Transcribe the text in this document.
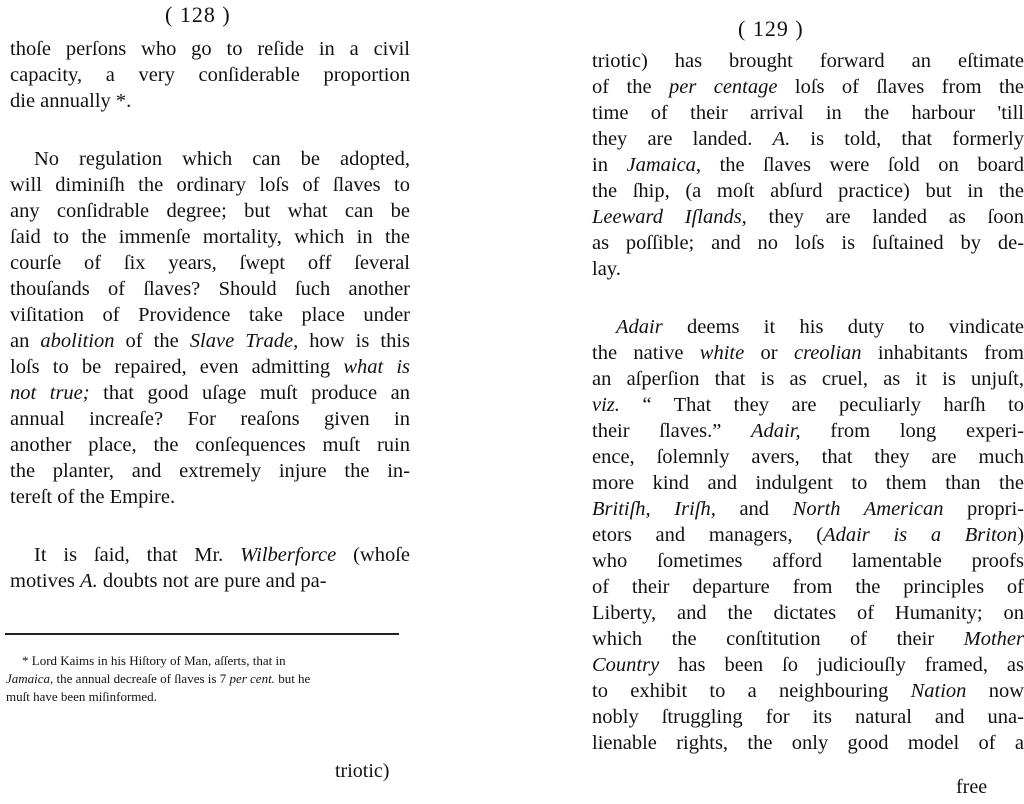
( 128 )
thoſe perſons who go to reſide in a civil
capacity, a very conſiderable proportion
die annually *.
No regulation which can be adopted,
will diminiſh the ordinary loſs of ſlaves to
any conſidrable degree; but what can be
ſaid to the immenſe mortality, which in the
courſe of ſix years, ſwept off ſeveral
thouſands of ſlaves? Should ſuch another
viſitation of Providence take place under
an abolition of the Slave Trade, how is this
loſs to be repaired, even admitting what is
not true; that good uſage muſt produce an
annual increaſe? For reaſons given in
another place, the conſequences muſt ruin
the planter, and extremely injure the in-
tereſt of the Empire.
It is ſaid, that Mr. Wilberforce (whoſe
motives A. doubts not are pure and pa-
* Lord Kaims in his Hiſtory of Man, aſſerts, that in
Jamaica, the annual decreaſe of ſlaves is 7 per cent. but he
muſt have been miſinformed.
triotic)
( 129 )
triotic) has brought forward an eſtimate
of the per centage loſs of ſlaves from the
time of their arrival in the harbour 'till
they are landed. A. is told, that formerly
in Jamaica, the ſlaves were ſold on board
the ſhip, (a moſt abſurd practice) but in the
Leeward Iſlands, they are landed as ſoon
as poſſible; and no loſs is ſuſtained by de-
lay.
Adair deems it his duty to vindicate
the native white or creolian inhabitants from
an aſperſion that is as cruel, as it is unjuſt,
viz. “ That they are peculiarly harſh to
their ſlaves.” Adair, from long experi-
ence, ſolemnly avers, that they are much
more kind and indulgent to them than the
Britiſh, Iriſh, and North American propri-
etors and managers, (Adair is a Briton)
who ſometimes afford lamentable proofs
of their departure from the principles of
Liberty, and the dictates of Humanity; on
which the conſtitution of their Mother
Country has been ſo judiciouſly framed, as
to exhibit to a neighbouring Nation now
nobly ſtruggling for its natural and una-
lienable rights, the only good model of a
free
